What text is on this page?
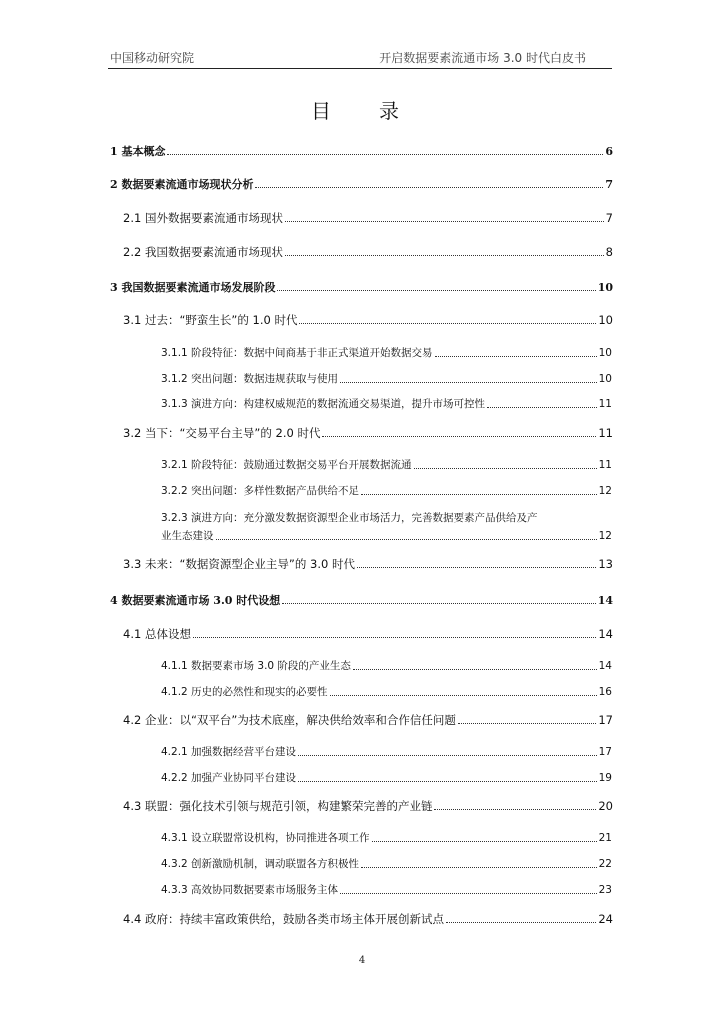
中国移动研究院	开启数据要素流通市场 3.0 时代白皮书
目　录
1 基本概念	6
2 数据要素流通市场现状分析	7
2.1 国外数据要素流通市场现状	7
2.2 我国数据要素流通市场现状	8
3 我国数据要素流通市场发展阶段	10
3.1 过去：“野蛮生长”的 1.0 时代	10
3.1.1 阶段特征：数据中间商基于非正式渠道开始数据交易	10
3.1.2 突出问题：数据违规获取与使用	10
3.1.3 演进方向：构建权威规范的数据流通交易渠道，提升市场可控性	11
3.2 当下：“交易平台主导”的 2.0 时代	11
3.2.1 阶段特征：鼓励通过数据交易平台开展数据流通	11
3.2.2 突出问题：多样性数据产品供给不足	12
3.2.3 演进方向：充分激发数据资源型企业市场活力，完善数据要素产品供给及产
业生态建设	12
3.3 未来：“数据资源型企业主导”的 3.0 时代	13
4 数据要素流通市场 3.0 时代设想	14
4.1 总体设想	14
4.1.1 数据要素市场 3.0 阶段的产业生态	14
4.1.2 历史的必然性和现实的必要性	16
4.2 企业：以“双平台”为技术底座，解决供给效率和合作信任问题	17
4.2.1 加强数据经营平台建设	17
4.2.2 加强产业协同平台建设	19
4.3 联盟：强化技术引领与规范引领，构建繁荣完善的产业链	20
4.3.1 设立联盟常设机构，协同推进各项工作	21
4.3.2 创新激励机制，调动联盟各方积极性	22
4.3.3 高效协同数据要素市场服务主体	23
4.4 政府：持续丰富政策供给，鼓励各类市场主体开展创新试点	24
4
